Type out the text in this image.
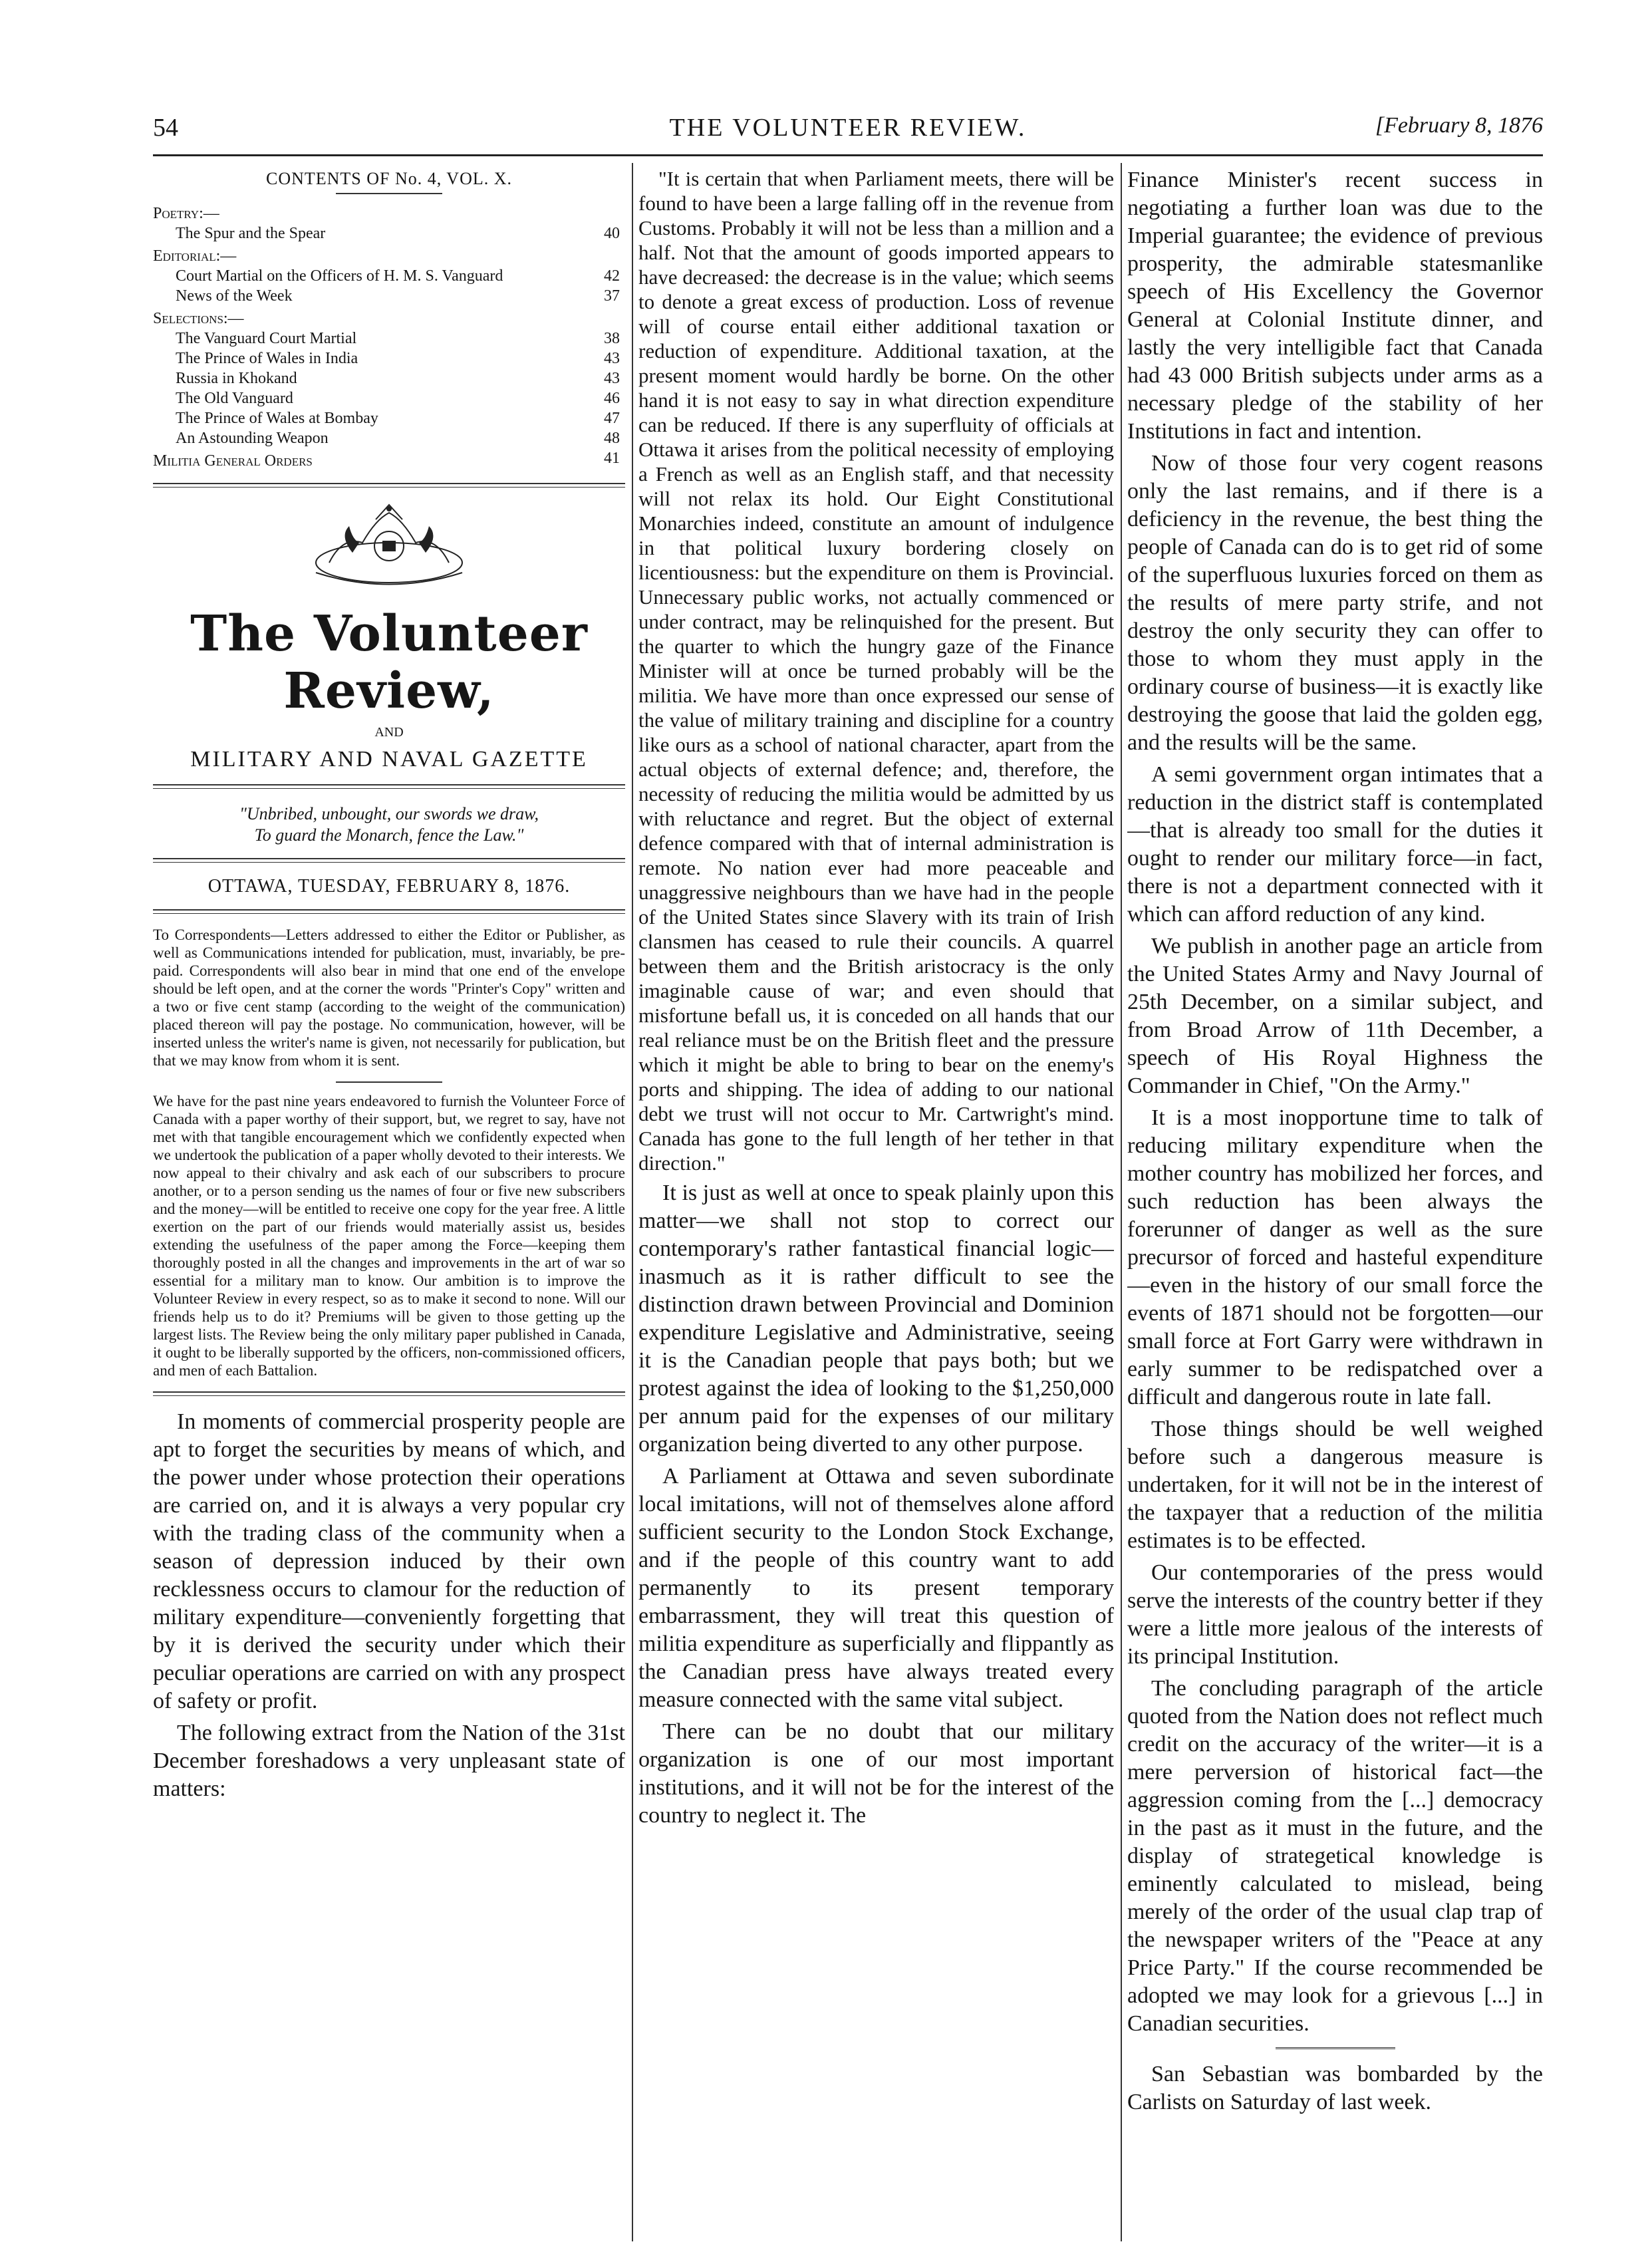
54	THE VOLUNTEER REVIEW.	[February 8, 1876
CONTENTS OF No. 4, VOL. X.
Poetry:—
The Spur and the Spear	40
Editorial:—
Court Martial on the Officers of H. M. S. Vanguard	42
News of the Week	37
Selections:—
The Vanguard Court Martial	38
The Prince of Wales in India	43
Russia in Khokand	43
The Old Vanguard	46
The Prince of Wales at Bombay	47
An Astounding Weapon	48
Militia General Orders	41
The Volunteer Review,
AND
MILITARY AND NAVAL GAZETTE
"Unbribed, unbought, our swords we draw,
To guard the Monarch, fence the Law."
OTTAWA, TUESDAY, FEBRUARY 8, 1876.

To Correspondents—Letters addressed to either the Editor or Publisher, as well as Communications intended for publication, must, invariably, be pre-paid. Correspondents will also bear in mind that one end of the envelope should be left open, and at the corner the words "Printer's Copy" written and a two or five cent stamp (according to the weight of the communication) placed thereon will pay the postage. No communication, however, will be inserted unless the writer's name is given, not necessarily for publication, but that we may know from whom it is sent.

We have for the past nine years endeavored to furnish the Volunteer Force of Canada with a paper worthy of their support, but, we regret to say, have not met with that tangible encouragement which we confidently expected when we undertook the publication of a paper wholly devoted to their interests. We now appeal to their chivalry and ask each of our subscribers to procure another, or to a person sending us the names of four or five new subscribers and the money—will be entitled to receive one copy for the year free. A little exertion on the part of our friends would materially assist us, besides extending the usefulness of the paper among the Force—keeping them thoroughly posted in all the changes and improvements in the art of war so essential for a military man to know. Our ambition is to improve the Volunteer Review in every respect, so as to make it second to none. Will our friends help us to do it? Premiums will be given to those getting up the largest lists. The Review being the only military paper published in Canada, it ought to be liberally supported by the officers, non-commissioned officers, and men of each Battalion.

In moments of commercial prosperity people are apt to forget the securities by means of which, and the power under whose protection their operations are carried on, and it is always a very popular cry with the trading class of the community when a season of depression induced by their own recklessness occurs to clamour for the reduction of military expenditure—conveniently forgetting that by it is derived the security under which their peculiar operations are carried on with any prospect of safety or profit.

The following extract from the Nation of the 31st December foreshadows a very unpleasant state of matters:

"It is certain that when Parliament meets, there will be found to have been a large falling off in the revenue from Customs. Probably it will not be less than a million and a half. Not that the amount of goods imported appears to have decreased: the decrease is in the value; which seems to denote a great excess of production. Loss of revenue will of course entail either additional taxation or reduction of expenditure. Additional taxation, at the present moment would hardly be borne. On the other hand it is not easy to say in what direction expenditure can be reduced. If there is any superfluity of officials at Ottawa it arises from the political necessity of employing a French as well as an English staff, and that necessity will not relax its hold. Our Eight Constitutional Monarchies indeed, constitute an amount of indulgence in that political luxury bordering closely on licentiousness: but the expenditure on them is Provincial. Unnecessary public works, not actually commenced or under contract, may be relinquished for the present. But the quarter to which the hungry gaze of the Finance Minister will at once be turned probably will be the militia. We have more than once expressed our sense of the value of military training and discipline for a country like ours as a school of national character, apart from the actual objects of external defence; and, therefore, the necessity of reducing the militia would be admitted by us with reluctance and regret. But the object of external defence compared with that of internal administration is remote. No nation ever had more peaceable and unaggressive neighbours than we have had in the people of the United States since Slavery with its train of Irish clansmen has ceased to rule their councils. A quarrel between them and the British aristocracy is the only imaginable cause of war; and even should that misfortune befall us, it is conceded on all hands that our real reliance must be on the British fleet and the pressure which it might be able to bring to bear on the enemy's ports and shipping. The idea of adding to our national debt we trust will not occur to Mr. Cartwright's mind. Canada has gone to the full length of her tether in that direction."

It is just as well at once to speak plainly upon this matter—we shall not stop to correct our contemporary's rather fantastical financial logic—inasmuch as it is rather difficult to see the distinction drawn between Provincial and Dominion expenditure Legislative and Administrative, seeing it is the Canadian people that pays both; but we protest against the idea of looking to the $1,250,000 per annum paid for the expenses of our military organization being diverted to any other purpose.

A Parliament at Ottawa and seven subordinate local imitations, will not of themselves alone afford sufficient security to the London Stock Exchange, and if the people of this country want to add permanently to its present temporary embarrassment, they will treat this question of militia expenditure as superficially and flippantly as the Canadian press have always treated every measure connected with the same vital subject.

There can be no doubt that our military organization is one of our most important institutions, and it will not be for the interest of the country to neglect it. The

Finance Minister's recent success in negotiating a further loan was due to the Imperial guarantee; the evidence of previous prosperity, the admirable statesmanlike speech of His Excellency the Governor General at Colonial Institute dinner, and lastly the very intelligible fact that Canada had 43 000 British subjects under arms as a necessary pledge of the stability of her Institutions in fact and intention.

Now of those four very cogent reasons only the last remains, and if there is a deficiency in the revenue, the best thing the people of Canada can do is to get rid of some of the superfluous luxuries forced on them as the results of mere party strife, and not destroy the only security they can offer to those to whom they must apply in the ordinary course of business—it is exactly like destroying the goose that laid the golden egg, and the results will be the same.

A semi government organ intimates that a reduction in the district staff is contemplated—that is already too small for the duties it ought to render our military force—in fact, there is not a department connected with it which can afford reduction of any kind.

We publish in another page an article from the United States Army and Navy Journal of 25th December, on a similar subject, and from Broad Arrow of 11th December, a speech of His Royal Highness the Commander in Chief, "On the Army."

It is a most inopportune time to talk of reducing military expenditure when the mother country has mobilized her forces, and such reduction has been always the forerunner of danger as well as the sure precursor of forced and hasteful expenditure—even in the history of our small force the events of 1871 should not be forgotten—our small force at Fort Garry were withdrawn in early summer to be redispatched over a difficult and dangerous route in late fall.

Those things should be well weighed before such a dangerous measure is undertaken, for it will not be in the interest of the taxpayer that a reduction of the militia estimates is to be effected.

Our contemporaries of the press would serve the interests of the country better if they were a little more jealous of the interests of its principal Institution.

The concluding paragraph of the article quoted from the Nation does not reflect much credit on the accuracy of the writer—it is a mere perversion of historical fact—the aggression coming from the [...] democracy in the past as it must in the future, and the display of strategetical knowledge is eminently calculated to mislead, being merely of the order of the usual clap trap of the newspaper writers of the "Peace at any Price Party." If the course recommended be adopted we may look for a grievous [...] in Canadian securities.

San Sebastian was bombarded by the Carlists on Saturday of last week.
